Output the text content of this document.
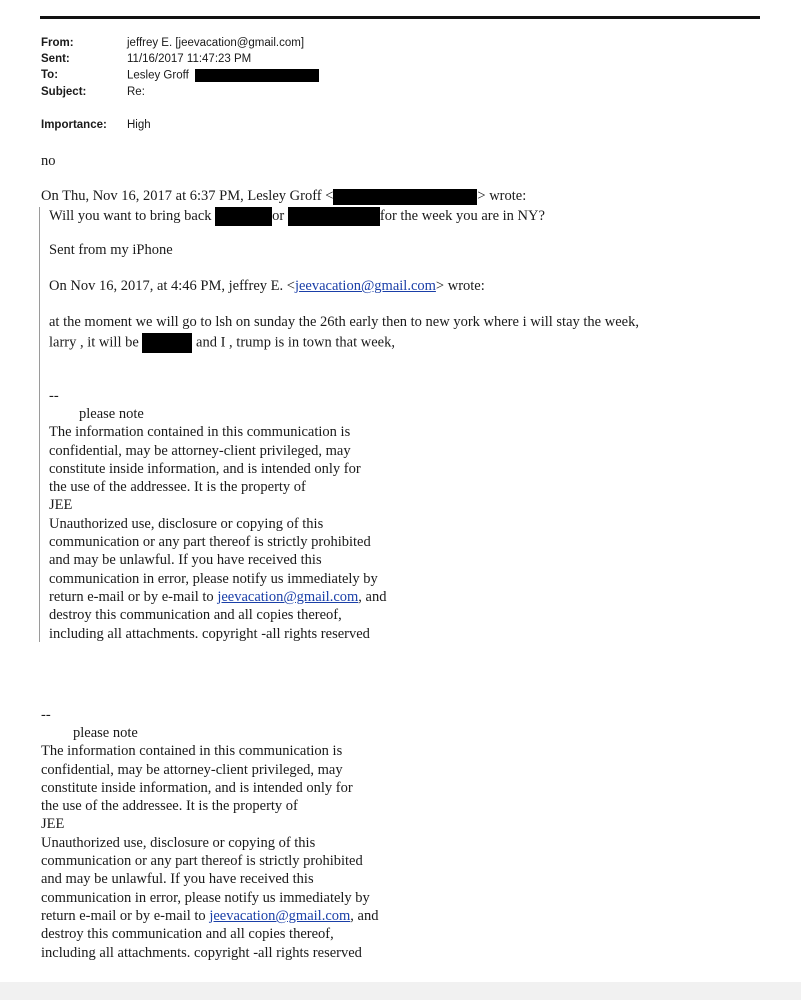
From:	jeffrey E. [jeevacation@gmail.com]
Sent:	11/16/2017 11:47:23 PM
To:	Lesley Groff
Subject:	Re:
Importance: High
no
On Thu, Nov 16, 2017 at 6:37 PM, Lesley Groff <	> wrote:
Will you want to bring back	or	for the week you are in NY?
Sent from my iPhone
On Nov 16, 2017, at 4:46 PM, jeffrey E. <jeevacation@gmail.com> wrote:
at the moment we will go to lsh on sunday the 26th early then to new york where i will stay the week,
larry , it will be	and I , trump is in town that week,
--
please note
The information contained in this communication is
confidential, may be attorney-client privileged, may
constitute inside information, and is intended only for
the use of the addressee. It is the property of
JEE
Unauthorized use, disclosure or copying of this
communication or any part thereof is strictly prohibited
and may be unlawful. If you have received this
communication in error, please notify us immediately by
return e-mail or by e-mail to jeevacation@gmail.com, and
destroy this communication and all copies thereof,
including all attachments. copyright -all rights reserved
--
please note
The information contained in this communication is
confidential, may be attorney-client privileged, may
constitute inside information, and is intended only for
the use of the addressee. It is the property of
JEE
Unauthorized use, disclosure or copying of this
communication or any part thereof is strictly prohibited
and may be unlawful. If you have received this
communication in error, please notify us immediately by
return e-mail or by e-mail to jeevacation@gmail.com, and
destroy this communication and all copies thereof,
including all attachments. copyright -all rights reserved
